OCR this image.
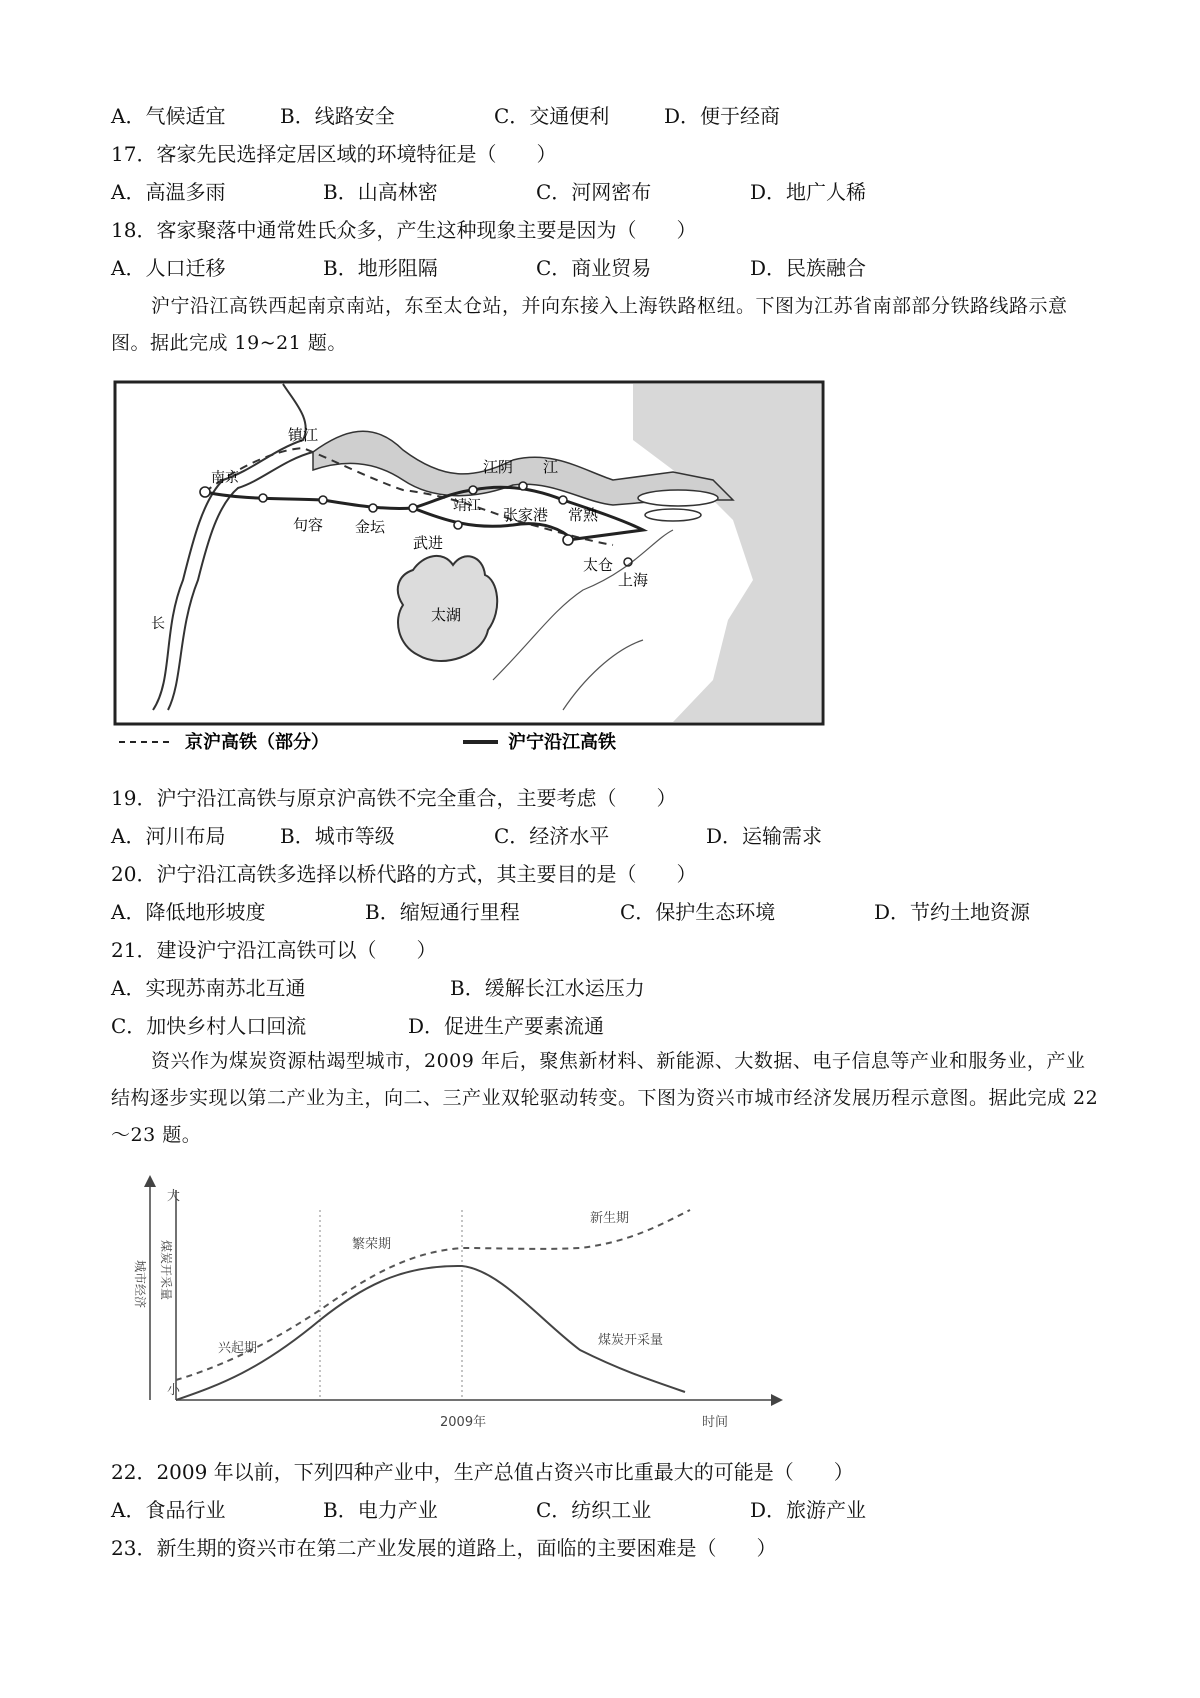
A．气候适宜	B．线路安全	C．交通便利	D．便于经商
17．客家先民选择定居区域的环境特征是（　　）
A．高温多雨	B．山高林密	C．河网密布	D．地广人稀
18．客家聚落中通常姓氏众多，产生这种现象主要是因为（　　）
A．人口迁移	B．地形阻隔	C．商业贸易	D．民族融合
沪宁沿江高铁西起南京南站，东至太仓站，并向东接入上海铁路枢纽。下图为江苏省南部部分铁路线路示意图。据此完成 19~21 题。
镇江
南京
江阴
靖江
句容 金坛
张家港 常熟
武进
太仓
上海
太湖
长
江
京沪高铁（部分）	沪宁沿江高铁
19．沪宁沿江高铁与原京沪高铁不完全重合，主要考虑（　　）
A．河川布局	B．城市等级	C．经济水平	D．运输需求
20．沪宁沿江高铁多选择以桥代路的方式，其主要目的是（　　）
A．降低地形坡度	B．缩短通行里程	C．保护生态环境	D．节约土地资源
21．建设沪宁沿江高铁可以（　　）
A．实现苏南苏北互通	B．缓解长江水运压力
C．加快乡村人口回流	D．促进生产要素流通
资兴作为煤炭资源枯竭型城市，2009 年后，聚焦新材料、新能源、大数据、电子信息等产业和服务业，产业结构逐步实现以第二产业为主，向二、三产业双轮驱动转变。下图为资兴市城市经济发展历程示意图。据此完成 22～23 题。
大
小
城市经济 煤炭开采量
2009年	时间
兴起期
繁荣期
新生期
煤炭开采量
22．2009 年以前，下列四种产业中，生产总值占资兴市比重最大的可能是（　　）
A．食品行业	B．电力产业	C．纺织工业	D．旅游产业
23．新生期的资兴市在第二产业发展的道路上，面临的主要困难是（　　）
